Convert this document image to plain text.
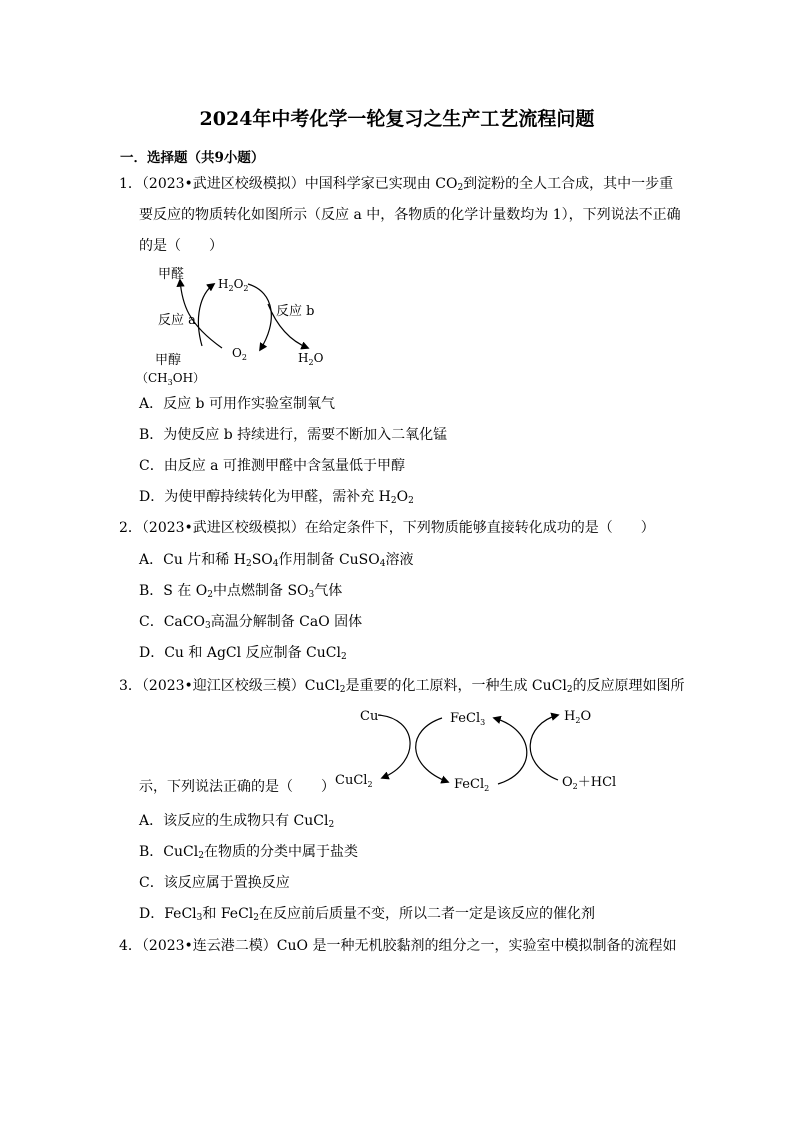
2024年中考化学一轮复习之生产工艺流程问题
一．选择题（共9小题）
1．（2023•武进区校级模拟）中国科学家已实现由 $CO_2$到淀粉的全人工合成，其中一步重
要反应的物质转化如图所示（反应 a 中，各物质的化学计量数均为 1），下列说法不正确
的是（　　）
甲醛
$H_2O_2$
反应 b
反应 a
$O_2$	$H_2O$
甲醇
$(CH_3OH)$
A．反应 b 可用作实验室制氧气
B．为使反应 b 持续进行，需要不断加入二氧化锰
C．由反应 a 可推测甲醛中含氢量低于甲醇
D．为使甲醇持续转化为甲醛，需补充 $H_2O_2$
2．（2023•武进区校级模拟）在给定条件下，下列物质能够直接转化成功的是（　　）
A．Cu 片和稀 $H_2SO_4$作用制备 CuSO$_4$溶液
B．S 在 $O_2$中点燃制备 $SO_3$气体
C．CaCO$_3$高温分解制备 CaO 固体
D．Cu 和 AgCl 反应制备 CuCl$_2$
3．（2023•迎江区校级三模）CuCl$_2$是重要的化工原料，一种生成 CuCl$_2$的反应原理如图所
Cu
CuCl$_2$
FeCl$_3$
FeCl$_2$
$H_2O$
$O_2+HCl$
示，下列说法正确的是（　　）
A．该反应的生成物只有 CuCl$_2$
B．CuCl$_2$在物质的分类中属于盐类
C．该反应属于置换反应
D．FeCl$_3$和 FeCl$_2$在反应前后质量不变，所以二者一定是该反应的催化剂
4．（2023•连云港二模）CuO 是一种无机胶黏剂的组分之一，实验室中模拟制备的流程如
